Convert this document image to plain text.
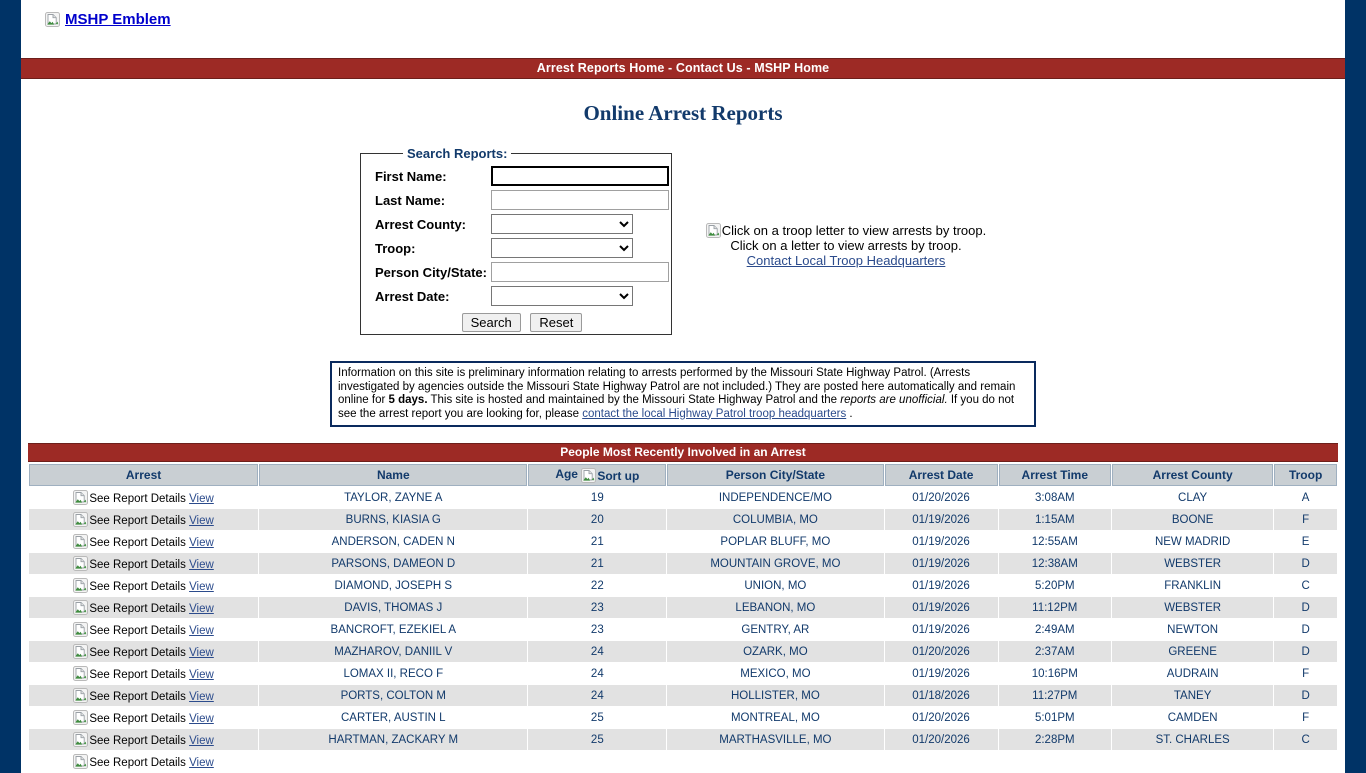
MSHP Emblem
Arrest Reports Home - Contact Us - MSHP Home
Online Arrest Reports
Search Reports:
First Name:	
Last Name:	
Arrest County:	

Troop:	

Person City/State:	
Arrest Date:	

Search Reset	
Click on a troop letter to view arrests by troop.
Click on a letter to view arrests by troop.
Contact Local Troop Headquarters
Information on this site is preliminary information relating to arrests performed by the Missouri State Highway Patrol. (Arrests investigated by agencies outside the Missouri State Highway Patrol are not included.) They are posted here automatically and remain online for 5 days. This site is hosted and maintained by the Missouri State Highway Patrol and the reports are unofficial. If you do not see the arrest report you are looking for, please contact the local Highway Patrol troop headquarters .
People Most Recently Involved in an Arrest
Arrest	Name	Age Sort up	Person City/State	Arrest Date	Arrest Time	Arrest County	Troop
See Report Details View	TAYLOR, ZAYNE A	19	INDEPENDENCE/MO	01/20/2026	3:08AM	CLAY	A
See Report Details View	BURNS, KIASIA G	20	COLUMBIA, MO	01/19/2026	1:15AM	BOONE	F
See Report Details View	ANDERSON, CADEN N	21	POPLAR BLUFF, MO	01/19/2026	12:55AM	NEW MADRID	E
See Report Details View	PARSONS, DAMEON D	21	MOUNTAIN GROVE, MO	01/19/2026	12:38AM	WEBSTER	D
See Report Details View	DIAMOND, JOSEPH S	22	UNION, MO	01/19/2026	5:20PM	FRANKLIN	C
See Report Details View	DAVIS, THOMAS J	23	LEBANON, MO	01/19/2026	11:12PM	WEBSTER	D
See Report Details View	BANCROFT, EZEKIEL A	23	GENTRY, AR	01/19/2026	2:49AM	NEWTON	D
See Report Details View	MAZHAROV, DANIIL V	24	OZARK, MO	01/20/2026	2:37AM	GREENE	D
See Report Details View	LOMAX II, RECO F	24	MEXICO, MO	01/19/2026	10:16PM	AUDRAIN	F
See Report Details View	PORTS, COLTON M	24	HOLLISTER, MO	01/18/2026	11:27PM	TANEY	D
See Report Details View	CARTER, AUSTIN L	25	MONTREAL, MO	01/20/2026	5:01PM	CAMDEN	F
See Report Details View	HARTMAN, ZACKARY M	25	MARTHASVILLE, MO	01/20/2026	2:28PM	ST. CHARLES	C
See Report Details View							
